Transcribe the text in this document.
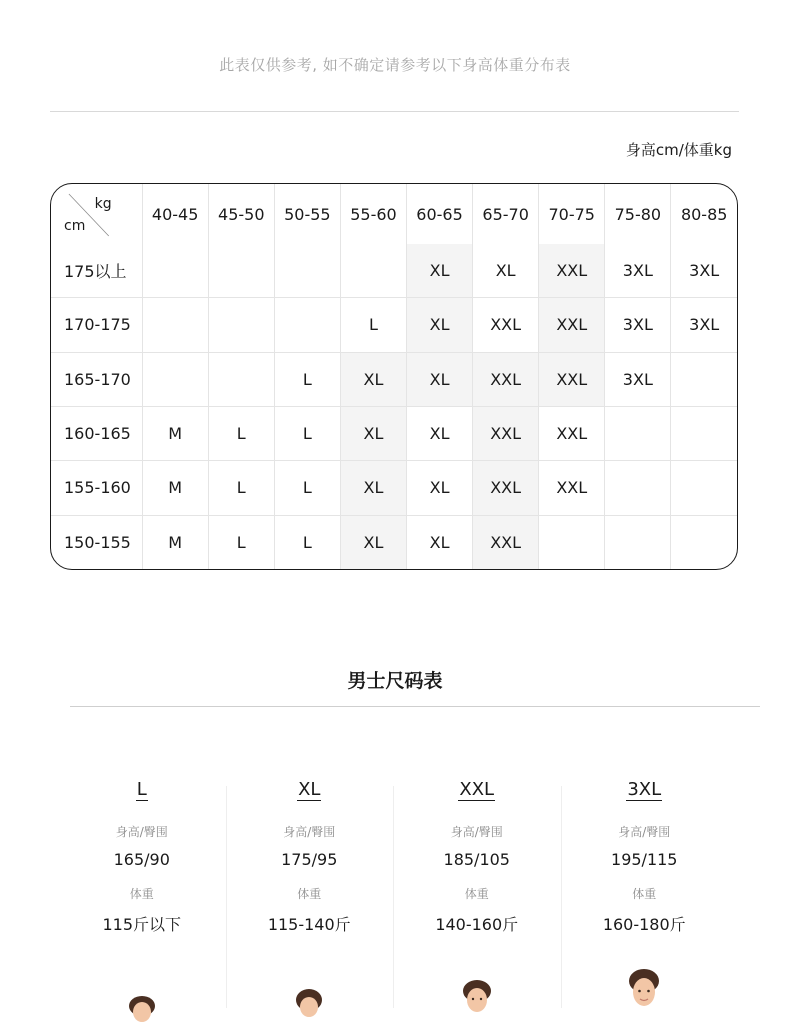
此表仅供参考, 如不确定请参考以下身高体重分布表
身高cm/体重kg
kg
cm	40-45	45-50	50-55	55-60	60-65	65-70	70-75	75-80	80-85
175以上					XL	XL	XXL	3XL	3XL
170-175				L	XL	XXL	XXL	3XL	3XL
165-170			L	XL	XL	XXL	XXL	3XL	
160-165	M	L	L	XL	XL	XXL	XXL		
155-160	M	L	L	XL	XL	XXL	XXL		
150-155	M	L	L	XL	XL	XXL			
男士尺码表
L
身高/臀围
165/90
体重
115斤以下
XL
身高/臀围
175/95
体重
115-140斤
XXL
身高/臀围
185/105
体重
140-160斤
3XL
身高/臀围
195/115
体重
160-180斤
